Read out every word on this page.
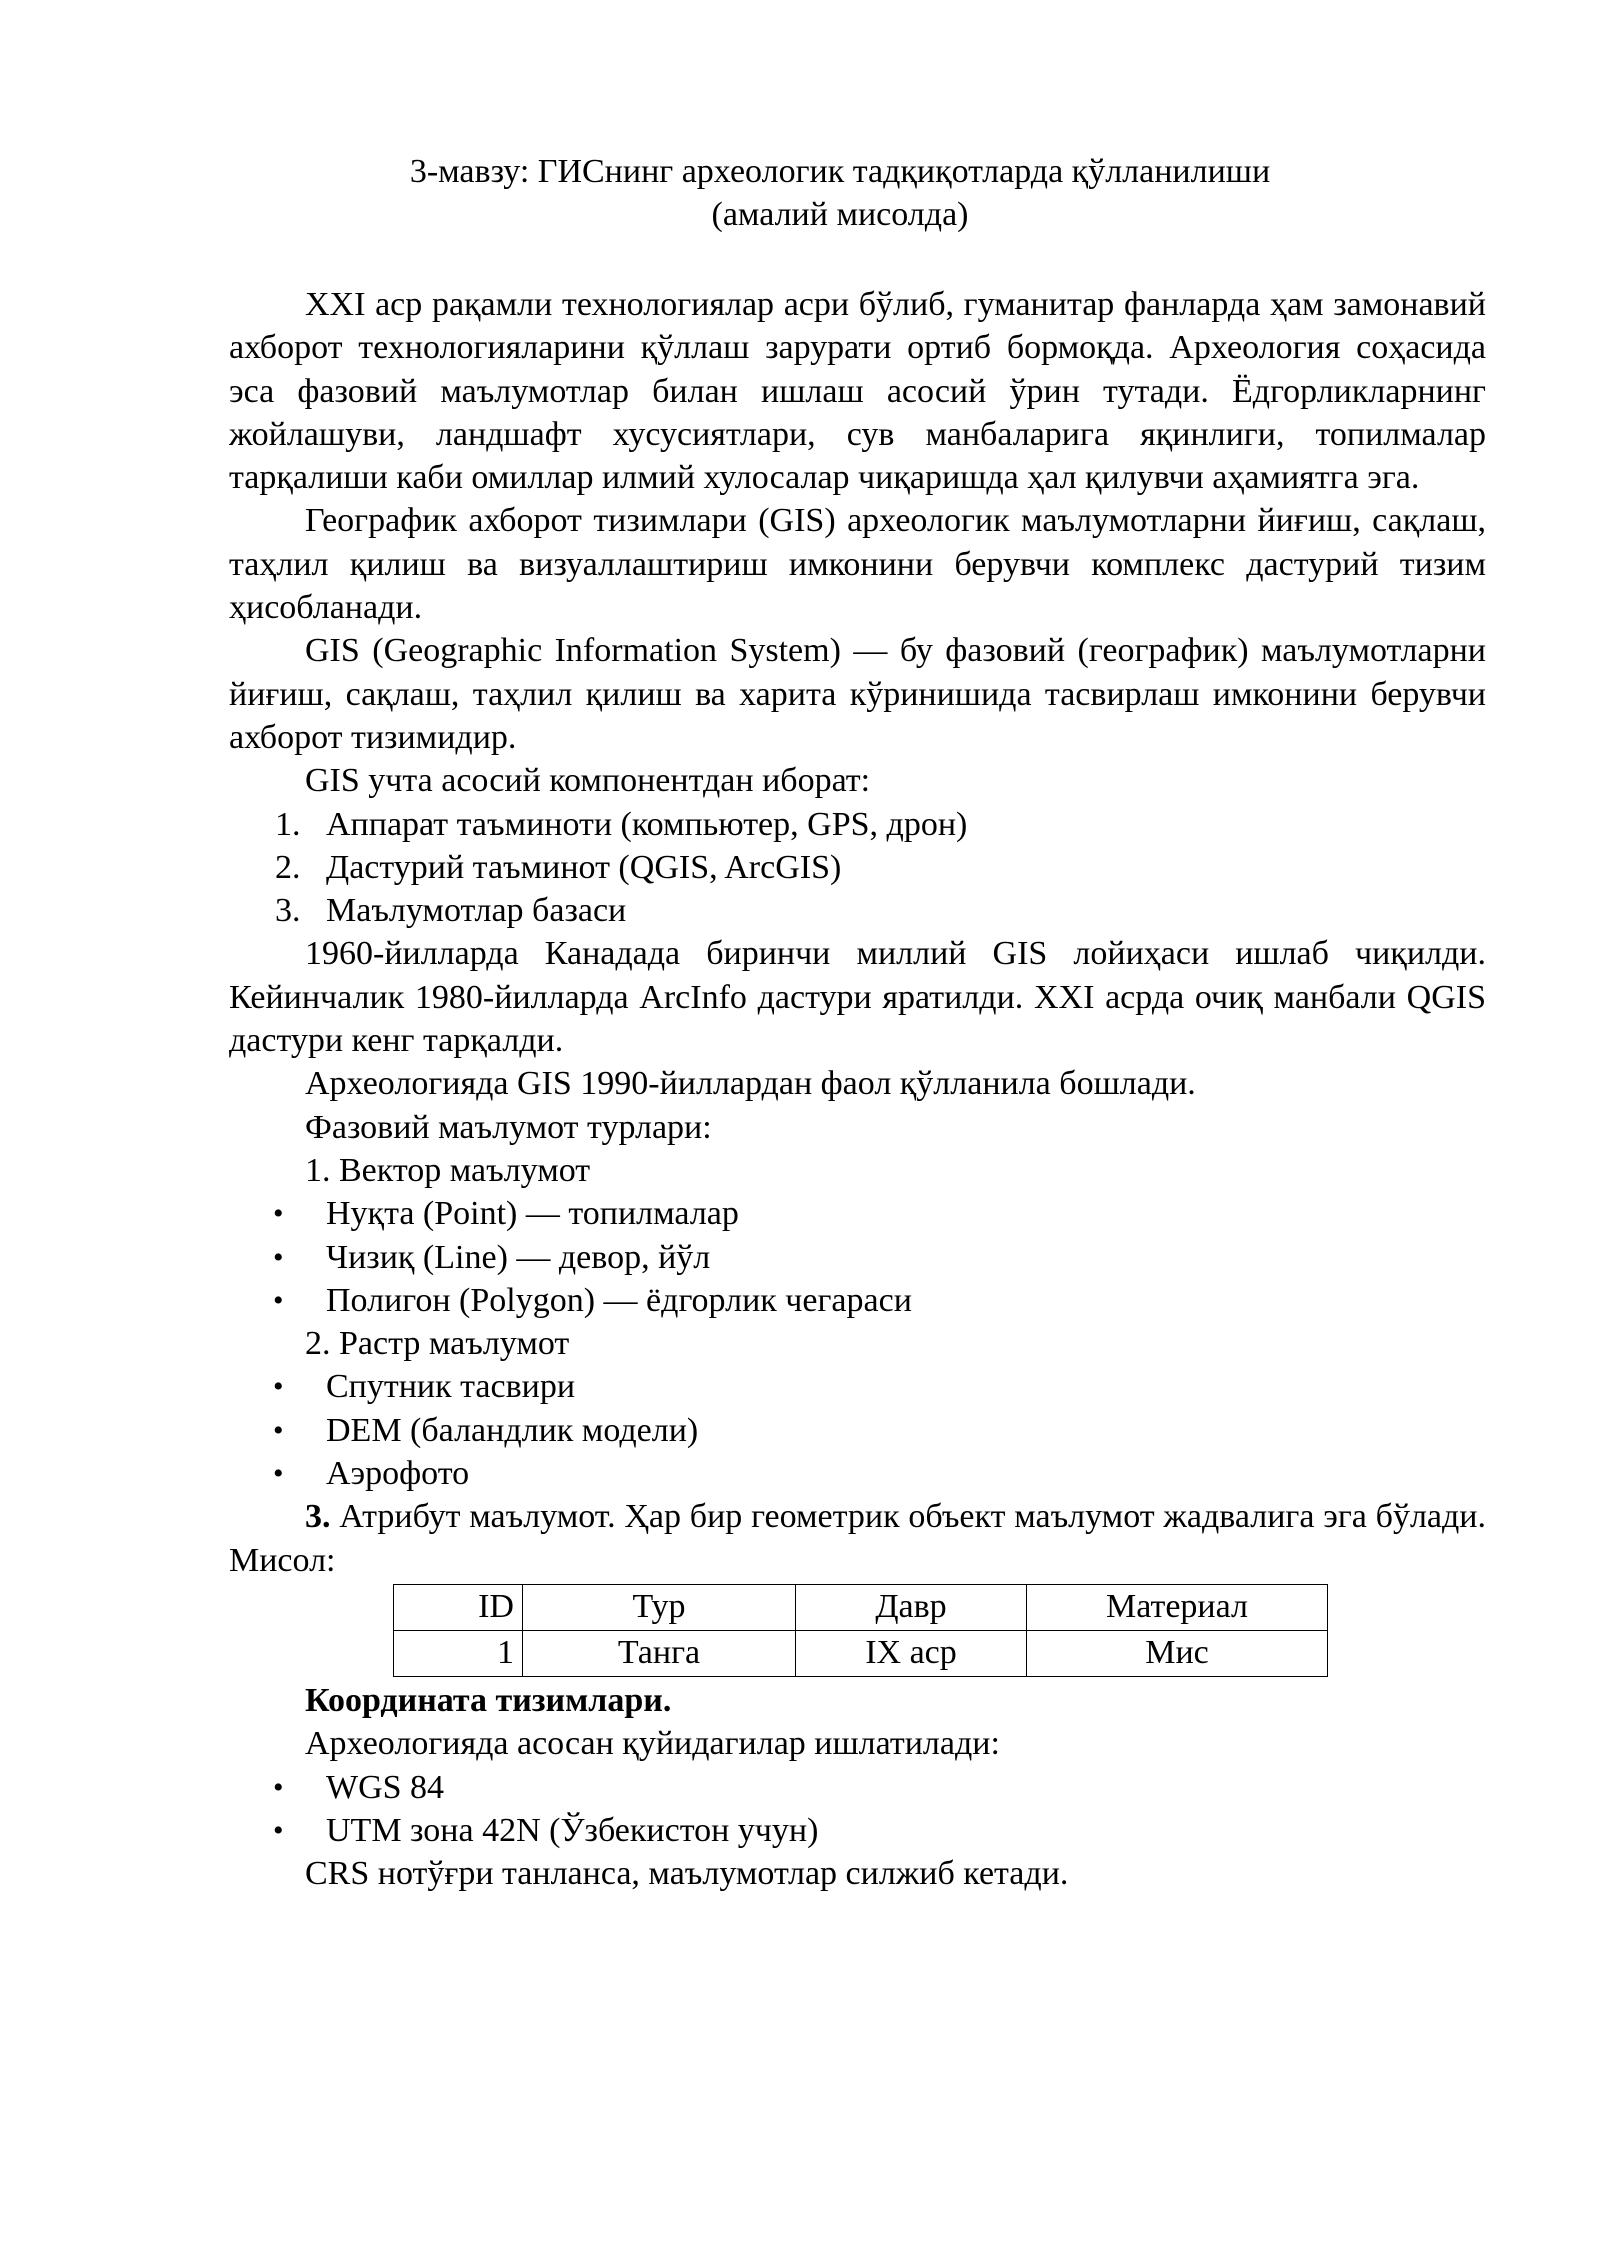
3-мавзу: ГИСнинг археологик тадқиқотларда қўлланилиши
(амалий мисолда)

XXI аср рақамли технологиялар асри бўлиб, гуманитар фанларда ҳам замонавий ахборот технологияларини қўллаш зарурати ортиб бормоқда. Археология соҳасида эса фазовий маълумотлар билан ишлаш асосий ўрин тутади. Ёдгорликларнинг жойлашуви, ландшафт хусусиятлари, сув манбаларига яқинлиги, топилмалар тарқалиши каби омиллар илмий хулосалар чиқаришда ҳал қилувчи аҳамиятга эга.

Географик ахборот тизимлари (GIS) археологик маълумотларни йиғиш, сақлаш, таҳлил қилиш ва визуаллаштириш имконини берувчи комплекс дастурий тизим ҳисобланади.

GIS (Geographic Information System) — бу фазовий (географик) маълумотларни йиғиш, сақлаш, таҳлил қилиш ва харита кўринишида тасвирлаш имконини берувчи ахборот тизимидир.

GIS учта асосий компонентдан иборат:

1. Аппарат таъминоти (компьютер, GPS, дрон)
2. Дастурий таъминот (QGIS, ArcGIS)
3. Маълумотлар базаси

1960-йилларда Канадада биринчи миллий GIS лойиҳаси ишлаб чиқилди. Кейинчалик 1980-йилларда ArcInfo дастури яратилди. XXI асрда очиқ манбали QGIS дастури кенг тарқалди.

Археологияда GIS 1990-йиллардан фаол қўлланила бошлади.

Фазовий маълумот турлари:

1. Вектор маълумот

• Нуқта (Point) — топилмалар
• Чизиқ (Line) — девор, йўл
• Полигон (Polygon) — ёдгорлик чегараси

2. Растр маълумот

• Спутник тасвири
• DEM (баландлик модели)
• Аэрофото

3. Атрибут маълумот. Ҳар бир геометрик объект маълумот жадвалига эга бўлади. Мисол:

ID	Тур	Давр	Материал
1	Танга	IX аср	Мис

Координата тизимлари.

Археологияда асосан қуйидагилар ишлатилади:

• WGS 84
• UTM зона 42N (Ўзбекистон учун)

CRS нотўғри танланса, маълумотлар силжиб кетади.
